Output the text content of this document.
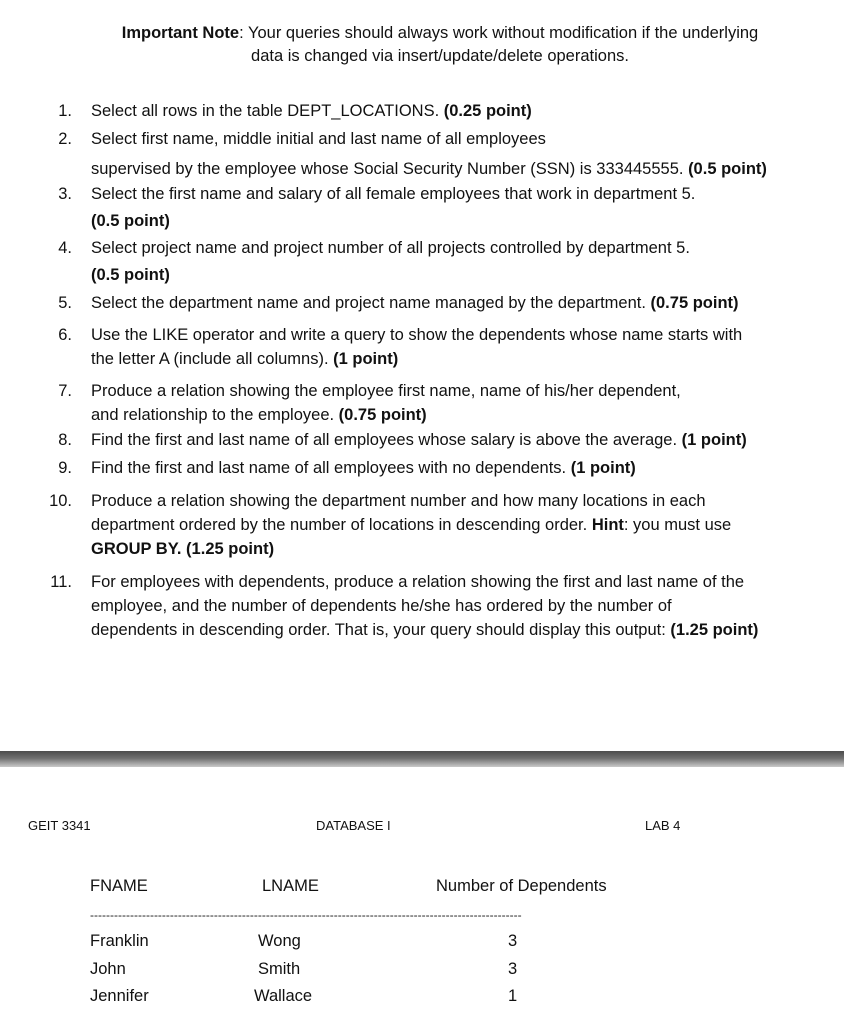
Important Note: Your queries should always work without modification if the underlying
data is changed via insert/update/delete operations.
1. Select all rows in the table DEPT_LOCATIONS. (0.25 point)
2. Select first name, middle initial and last name of all employees
supervised by the employee whose Social Security Number (SSN) is 333445555. (0.5 point)
3. Select the first name and salary of all female employees that work in department 5.
(0.5 point)
4. Select project name and project number of all projects controlled by department 5.
(0.5 point)
5. Select the department name and project name managed by the department. (0.75 point)
6. Use the LIKE operator and write a query to show the dependents whose name starts with
the letter A (include all columns). (1 point)
7. Produce a relation showing the employee first name, name of his/her dependent,
and relationship to the employee. (0.75 point)
8. Find the first and last name of all employees whose salary is above the average. (1 point)
9. Find the first and last name of all employees with no dependents. (1 point)
10. Produce a relation showing the department number and how many locations in each
department ordered by the number of locations in descending order. Hint: you must use
GROUP BY. (1.25 point)
11. For employees with dependents, produce a relation showing the first and last name of the
employee, and the number of dependents he/she has ordered by the number of
dependents in descending order. That is, your query should display this output: (1.25 point)
GEIT 3341	DATABASE I	LAB 4
FNAME	LNAME	Number of Dependents
------------------------------------------------------------------------------------------------------------
Franklin	Wong	3
John	Smith	3
Jennifer	Wallace	1
